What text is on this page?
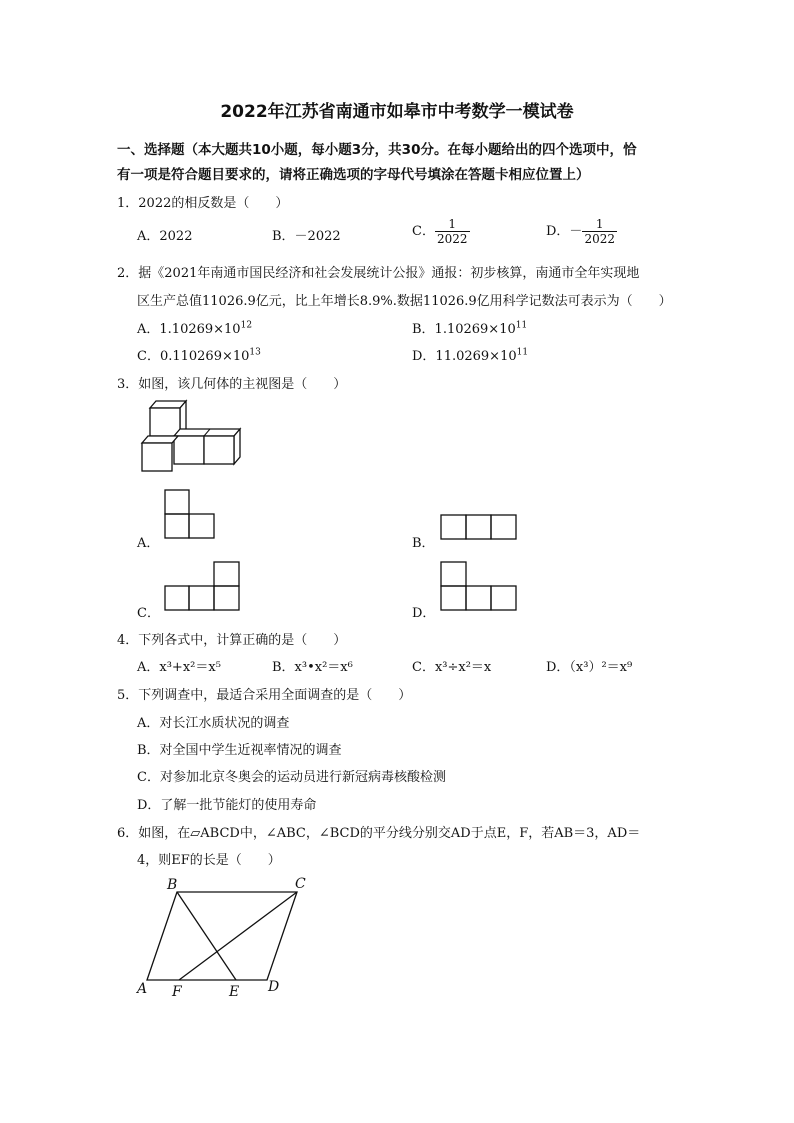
2022年江苏省南通市如皋市中考数学一模试卷
一、选择题（本大题共10小题，每小题3分，共30分。在每小题给出的四个选项中，恰
有一项是符合题目要求的，请将正确选项的字母代号填涂在答题卡相应位置上）
1．2022的相反数是（　　）
A．2022	B．－2022	C． $\frac{1}{2022}$	D．－ $\frac{1}{2022}$
2．据《2021年南通市国民经济和社会发展统计公报》通报：初步核算，南通市全年实现地
区生产总值11026.9亿元，比上年增长8.9%.数据11026.9亿用科学记数法可表示为（　　）
A．$1.10269\times 10^{12}$	B．$1.10269\times 10^{11}$
C．$0.110269\times 10^{13}$	D．$11.0269\times 10^{11}$
3．如图，该几何体的主视图是（　　）
A．	B．
C．	D．
4．下列各式中，计算正确的是（　　）
A．x³+x²＝x⁵	B．x³•x²＝x⁶	C．x³÷x²＝x	D．（x³）²＝x⁹
5．下列调查中，最适合采用全面调查的是（　　）
A．对长江水质状况的调查
B．对全国中学生近视率情况的调查
C．对参加北京冬奥会的运动员进行新冠病毒核酸检测
D．了解一批节能灯的使用寿命
6．如图，在▱ABCD中，∠ABC，∠BCD的平分线分别交AD于点E，F，若AB＝3，AD＝
4，则EF的长是（　　）
B	C
A F	E D
